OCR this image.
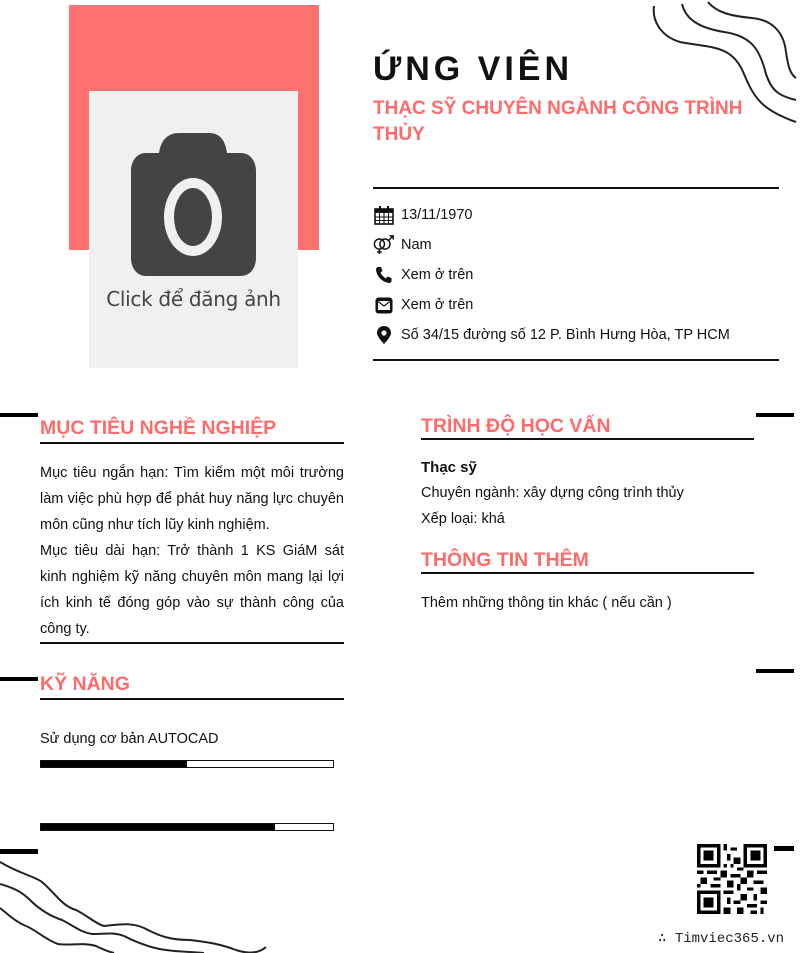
Click để đăng ảnh
ỨNG VIÊN
THẠC SỸ CHUYÊN NGÀNH CÔNG TRÌNH THỦY
13/11/1970
Nam
Xem ở trên
Xem ở trên
Số 34/15 đường số 12 P. Bình Hưng Hòa, TP HCM
MỤC TIÊU NGHỀ NGHIỆP
Mục tiêu ngắn hạn: Tìm kiếm một môi trường làm việc phù hợp để phát huy năng lực chuyên môn cũng như tích lũy kinh nghiệm.
Mục tiêu dài hạn: Trở thành 1 KS GiáM sát kinh nghiệm kỹ năng chuyên môn mang lại lợi ích kinh tế đóng góp vào sự thành công của công ty.
KỸ NĂNG
Sử dụng cơ bản AUTOCAD
TRÌNH ĐỘ HỌC VẤN
Thạc sỹ
Chuyên ngành: xây dựng công trình thủy
Xếp loại: khá
THÔNG TIN THÊM
Thêm những thông tin khác ( nếu cần )
∴ Timviec365.vn
